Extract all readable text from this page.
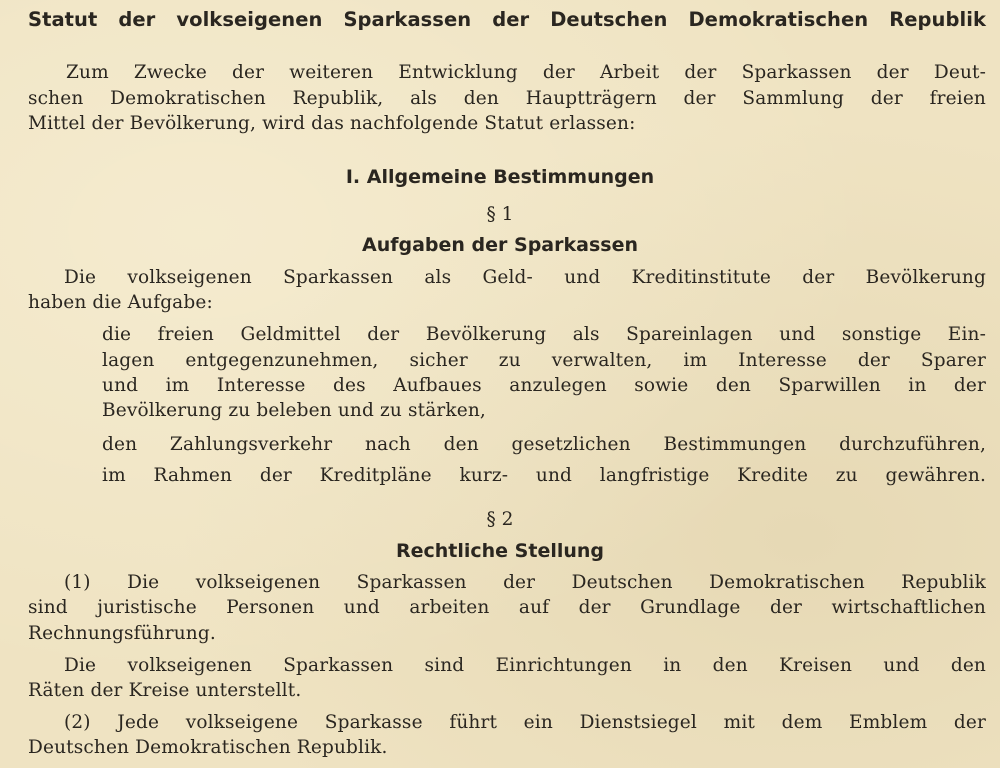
Statut der volkseigenen Sparkassen der Deutschen Demokratischen Republik
Zum Zwecke der weiteren Entwicklung der Arbeit der Sparkassen der Deut-
schen Demokratischen Republik, als den Hauptträgern der Sammlung der freien
Mittel der Bevölkerung, wird das nachfolgende Statut erlassen:
I. Allgemeine Bestimmungen
§ 1
Aufgaben der Sparkassen
Die volkseigenen Sparkassen als Geld- und Kreditinstitute der Bevölkerung
haben die Aufgabe:
die freien Geldmittel der Bevölkerung als Spareinlagen und sonstige Ein-
lagen entgegenzunehmen, sicher zu verwalten, im Interesse der Sparer
und im Interesse des Aufbaues anzulegen sowie den Sparwillen in der
Bevölkerung zu beleben und zu stärken,
den Zahlungsverkehr nach den gesetzlichen Bestimmungen durchzuführen,
im Rahmen der Kreditpläne kurz- und langfristige Kredite zu gewähren.
§ 2
Rechtliche Stellung
(1) Die volkseigenen Sparkassen der Deutschen Demokratischen Republik
sind juristische Personen und arbeiten auf der Grundlage der wirtschaftlichen
Rechnungsführung.
Die volkseigenen Sparkassen sind Einrichtungen in den Kreisen und den
Räten der Kreise unterstellt.
(2) Jede volkseigene Sparkasse führt ein Dienstsiegel mit dem Emblem der
Deutschen Demokratischen Republik.
